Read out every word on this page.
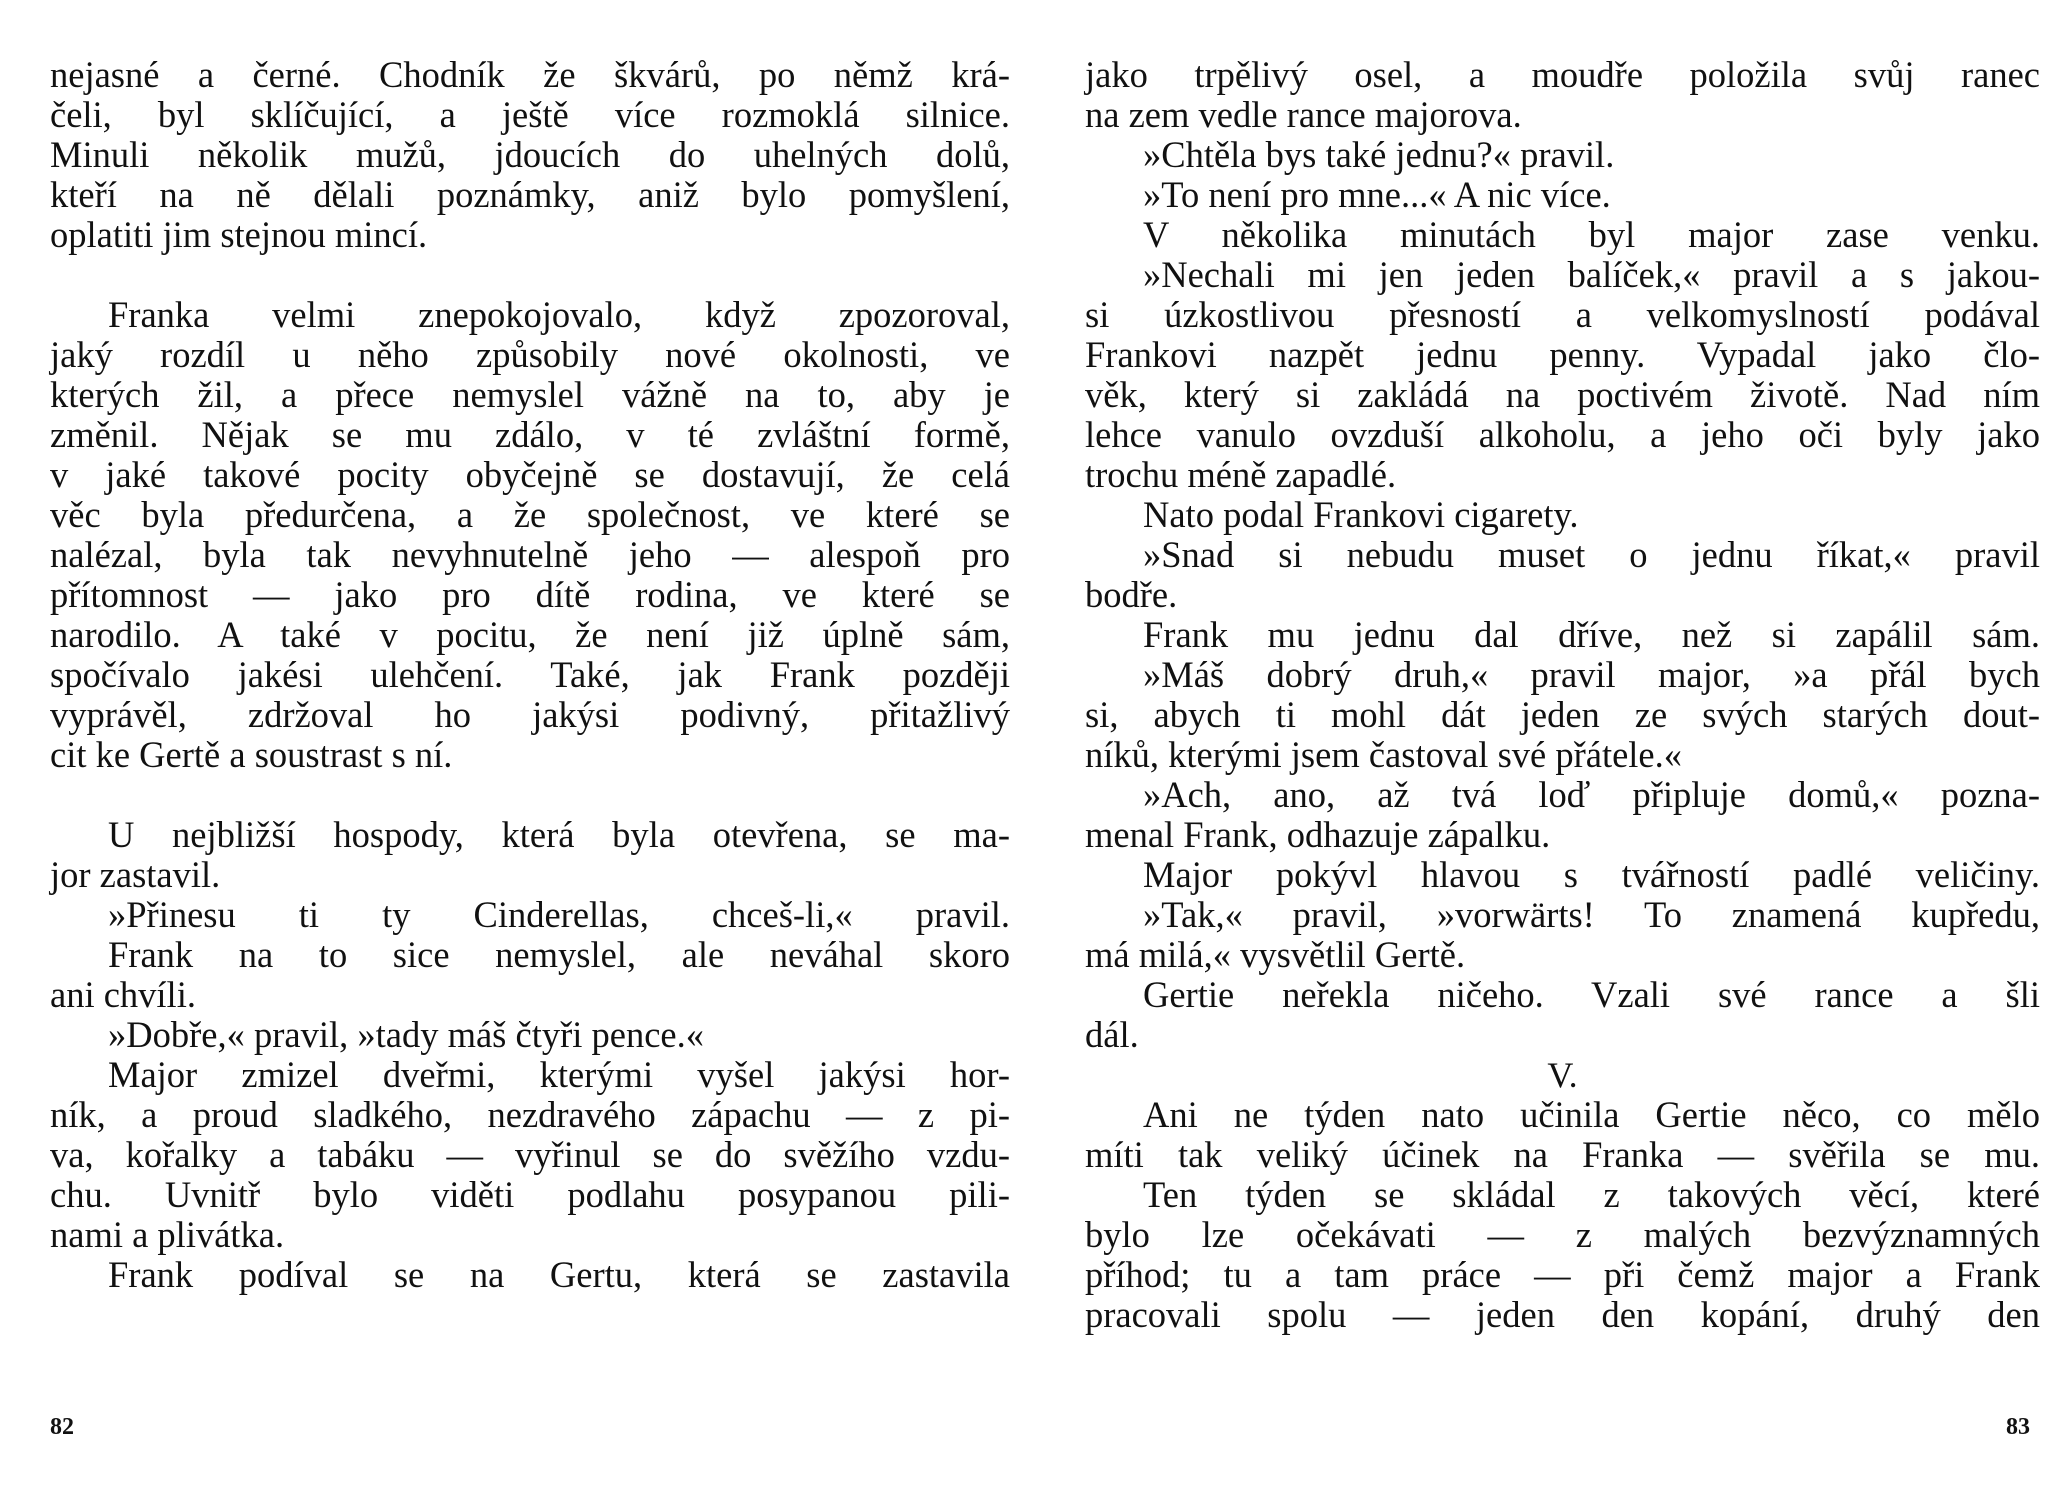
nejasné a černé. Chodník že škvárů, po němž krá-
čeli, byl sklíčující, a ještě více rozmoklá silnice.
Minuli několik mužů, jdoucích do uhelných dolů,
kteří na ně dělali poznámky, aniž bylo pomyšlení,
oplatiti jim stejnou mincí.
Franka velmi znepokojovalo, když zpozoroval,
jaký rozdíl u něho způsobily nové okolnosti, ve
kterých žil, a přece nemyslel vážně na to, aby je
změnil. Nějak se mu zdálo, v té zvláštní formě,
v jaké takové pocity obyčejně se dostavují, že celá
věc byla předurčena, a že společnost, ve které se
nalézal, byla tak nevyhnutelně jeho — alespoň pro
přítomnost — jako pro dítě rodina, ve které se
narodilo. A také v pocitu, že není již úplně sám,
spočívalo jakési ulehčení. Také, jak Frank později
vyprávěl, zdržoval ho jakýsi podivný, přitažlivý
cit ke Gertě a soustrast s ní.
U nejbližší hospody, která byla otevřena, se ma-
jor zastavil.
»Přinesu ti ty Cinderellas, chceš-li,« pravil.
Frank na to sice nemyslel, ale neváhal skoro
ani chvíli.
»Dobře,« pravil, »tady máš čtyři pence.«
Major zmizel dveřmi, kterými vyšel jakýsi hor-
ník, a proud sladkého, nezdravého zápachu — z pi-
va, kořalky a tabáku — vyřinul se do svěžího vzdu-
chu. Uvnitř bylo viděti podlahu posypanou pili-
nami a plivátka.
Frank podíval se na Gertu, která se zastavila
82
jako trpělivý osel, a moudře položila svůj ranec
na zem vedle rance majorova.
»Chtěla bys také jednu?« pravil.
»To není pro mne...« A nic více.
V několika minutách byl major zase venku.
»Nechali mi jen jeden balíček,« pravil a s jakou-
si úzkostlivou přesností a velkomyslností podával
Frankovi nazpět jednu penny. Vypadal jako člo-
věk, který si zakládá na poctivém životě. Nad ním
lehce vanulo ovzduší alkoholu, a jeho oči byly jako
trochu méně zapadlé.
Nato podal Frankovi cigarety.
»Snad si nebudu muset o jednu říkat,« pravil
bodře.
Frank mu jednu dal dříve, než si zapálil sám.
»Máš dobrý druh,« pravil major, »a přál bych
si, abych ti mohl dát jeden ze svých starých dout-
níků, kterými jsem častoval své přátele.«
»Ach, ano, až tvá loď připluje domů,« pozna-
menal Frank, odhazuje zápalku.
Major pokývl hlavou s tvářností padlé veličiny.
»Tak,« pravil, »vorwärts! To znamená kupředu,
má milá,« vysvětlil Gertě.
Gertie neřekla ničeho. Vzali své rance a šli
dál.
V.
Ani ne týden nato učinila Gertie něco, co mělo
míti tak veliký účinek na Franka — svěřila se mu.
Ten týden se skládal z takových věcí, které
bylo lze očekávati — z malých bezvýznamných
příhod; tu a tam práce — při čemž major a Frank
pracovali spolu — jeden den kopání, druhý den
83
